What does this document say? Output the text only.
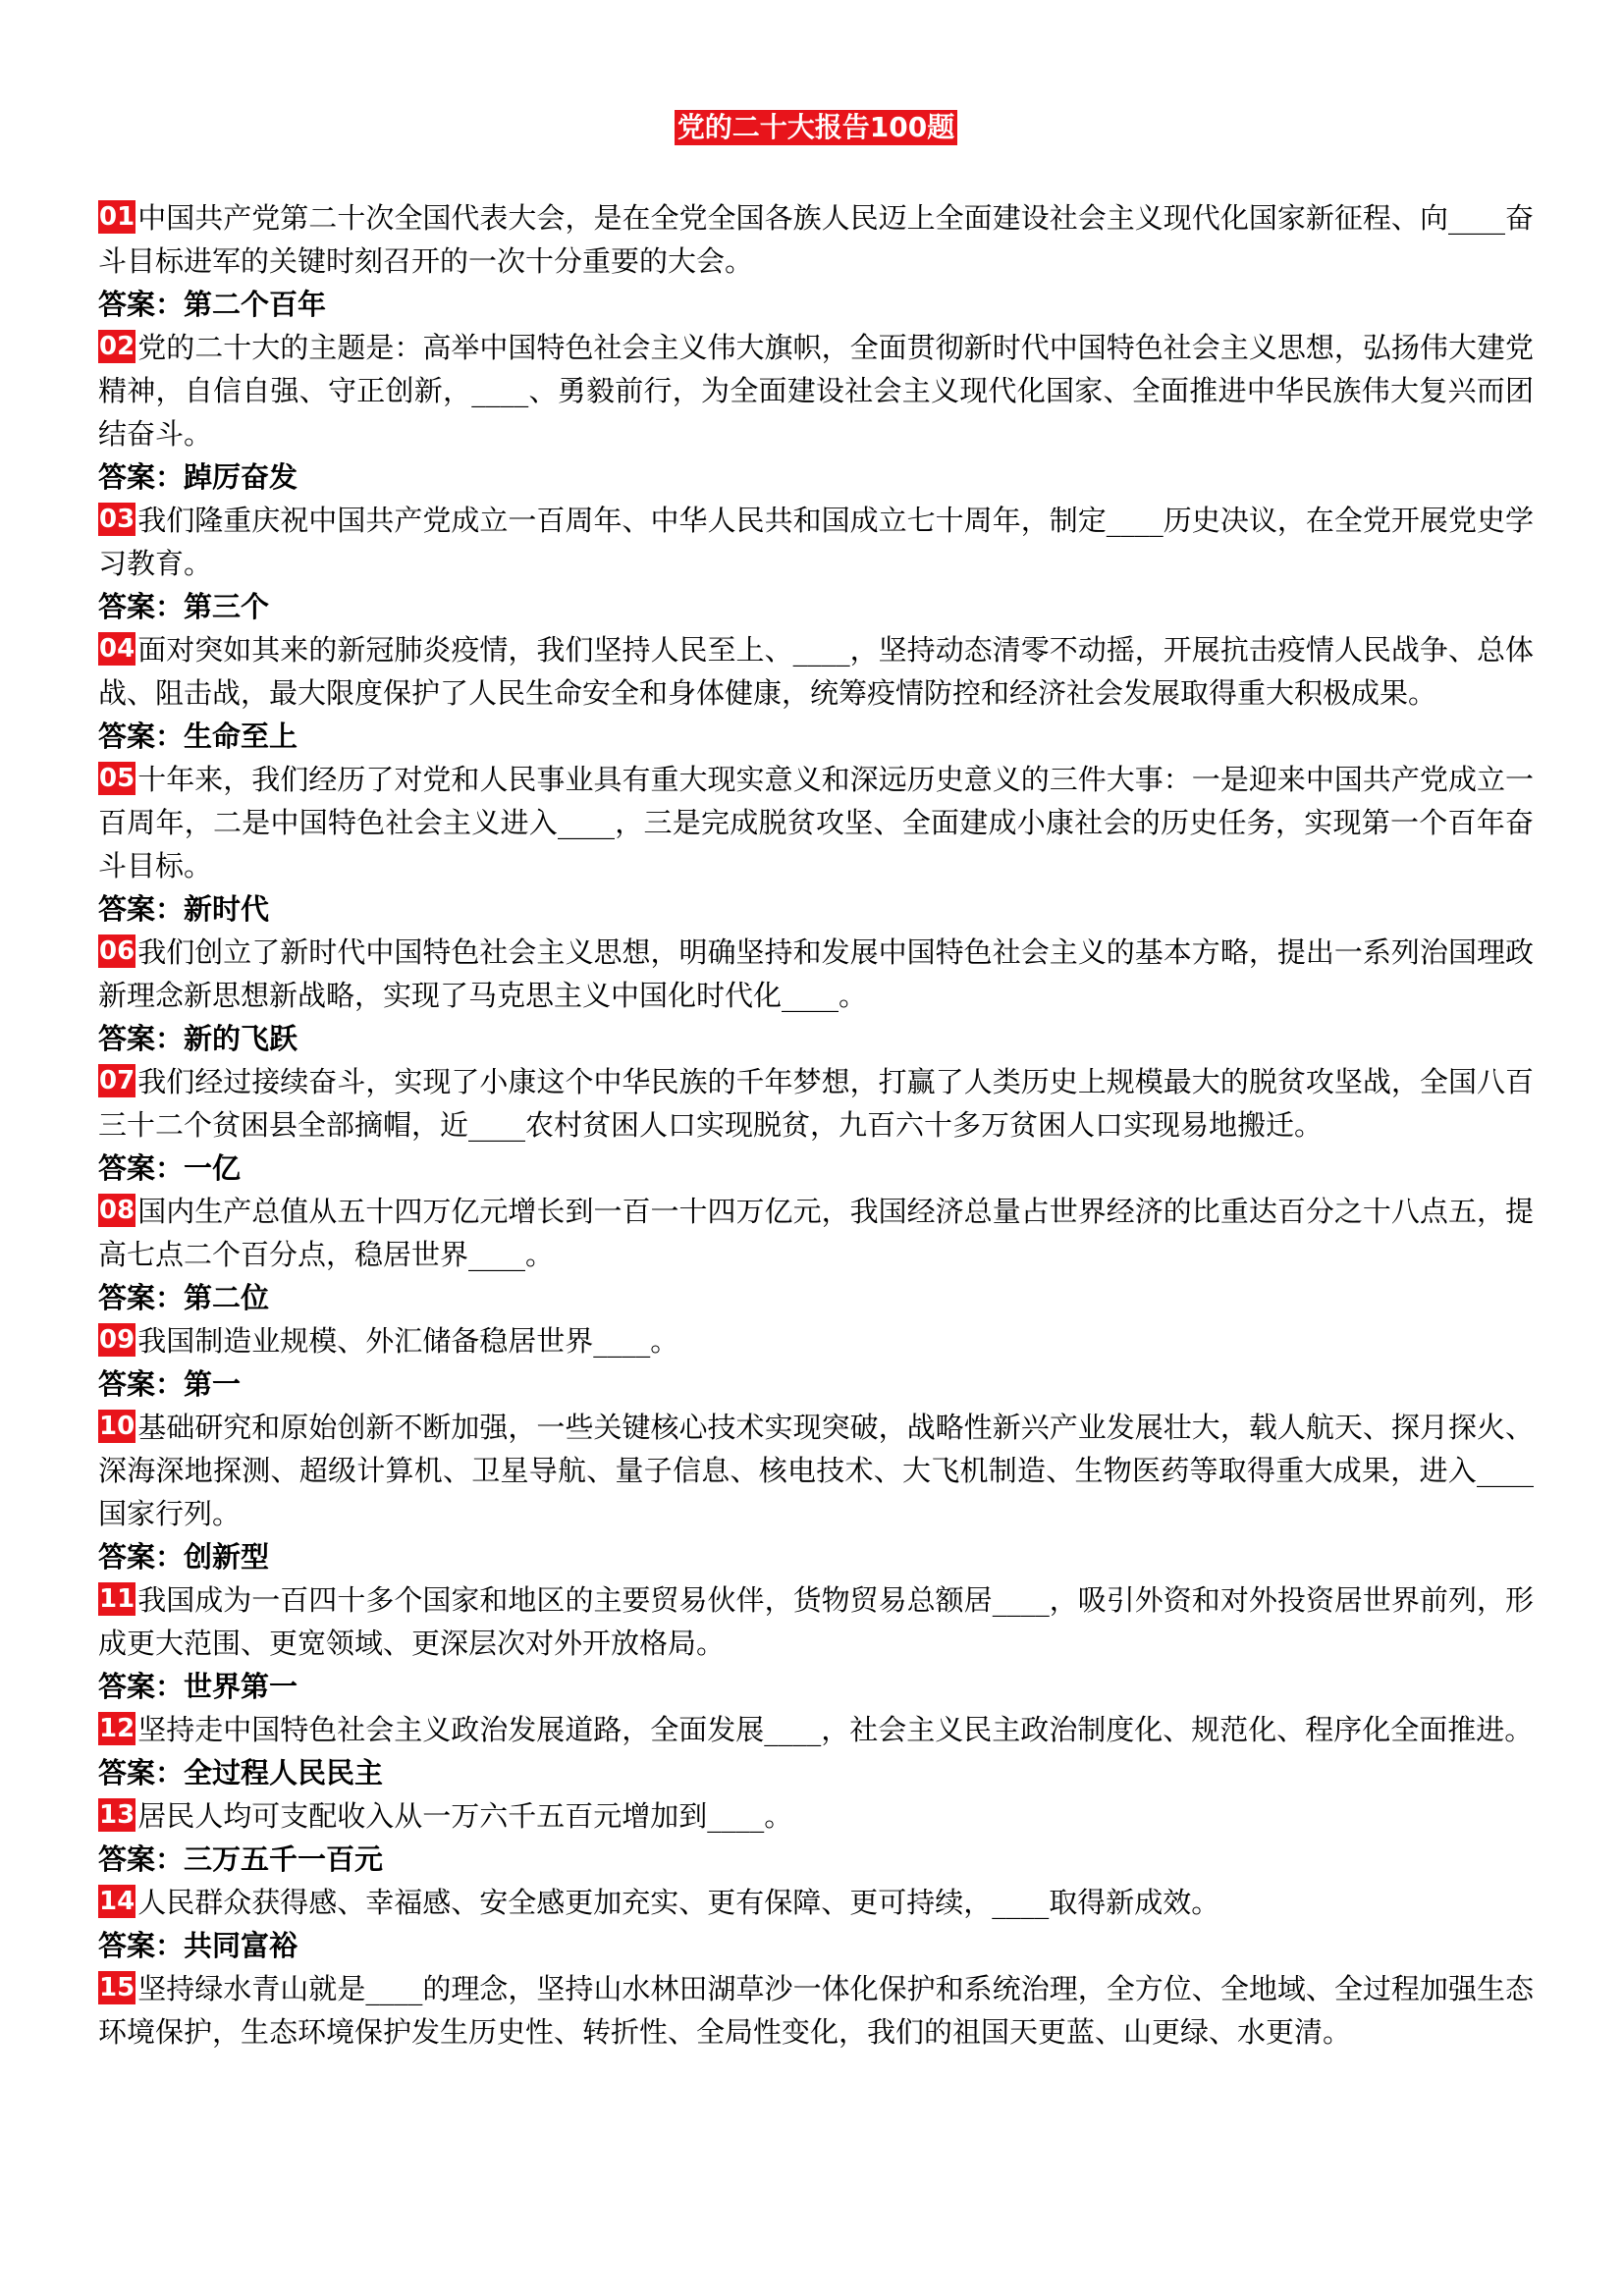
党的二十大报告100题

01 中国共产党第二十次全国代表大会，是在全党全国各族人民迈上全面建设社会主义现代化国家新征程、向____奋斗目标进军的关键时刻召开的一次十分重要的大会。

答案：第二个百年

02 党的二十大的主题是：高举中国特色社会主义伟大旗帜，全面贯彻新时代中国特色社会主义思想，弘扬伟大建党精神，自信自强、守正创新，____、勇毅前行，为全面建设社会主义现代化国家、全面推进中华民族伟大复兴而团结奋斗。

答案：踔厉奋发

03 我们隆重庆祝中国共产党成立一百周年、中华人民共和国成立七十周年，制定____历史决议，在全党开展党史学习教育。

答案：第三个

04 面对突如其来的新冠肺炎疫情，我们坚持人民至上、____，坚持动态清零不动摇，开展抗击疫情人民战争、总体战、阻击战，最大限度保护了人民生命安全和身体健康，统筹疫情防控和经济社会发展取得重大积极成果。

答案：生命至上

05 十年来，我们经历了对党和人民事业具有重大现实意义和深远历史意义的三件大事：一是迎来中国共产党成立一百周年，二是中国特色社会主义进入____，三是完成脱贫攻坚、全面建成小康社会的历史任务，实现第一个百年奋斗目标。

答案：新时代

06 我们创立了新时代中国特色社会主义思想，明确坚持和发展中国特色社会主义的基本方略，提出一系列治国理政新理念新思想新战略，实现了马克思主义中国化时代化____。

答案：新的飞跃

07 我们经过接续奋斗，实现了小康这个中华民族的千年梦想，打赢了人类历史上规模最大的脱贫攻坚战，全国八百三十二个贫困县全部摘帽，近____农村贫困人口实现脱贫，九百六十多万贫困人口实现易地搬迁。

答案：一亿

08 国内生产总值从五十四万亿元增长到一百一十四万亿元，我国经济总量占世界经济的比重达百分之十八点五，提高七点二个百分点，稳居世界____。

答案：第二位

09 我国制造业规模、外汇储备稳居世界____。

答案：第一

10 基础研究和原始创新不断加强，一些关键核心技术实现突破，战略性新兴产业发展壮大，载人航天、探月探火、深海深地探测、超级计算机、卫星导航、量子信息、核电技术、大飞机制造、生物医药等取得重大成果，进入____国家行列。

答案：创新型

11 我国成为一百四十多个国家和地区的主要贸易伙伴，货物贸易总额居____，吸引外资和对外投资居世界前列，形成更大范围、更宽领域、更深层次对外开放格局。

答案：世界第一

12 坚持走中国特色社会主义政治发展道路，全面发展____，社会主义民主政治制度化、规范化、程序化全面推进。

答案：全过程人民民主

13 居民人均可支配收入从一万六千五百元增加到____。

答案：三万五千一百元

14 人民群众获得感、幸福感、安全感更加充实、更有保障、更可持续，____取得新成效。

答案：共同富裕

15 坚持绿水青山就是____的理念，坚持山水林田湖草沙一体化保护和系统治理，全方位、全地域、全过程加强生态环境保护，生态环境保护发生历史性、转折性、全局性变化，我们的祖国天更蓝、山更绿、水更清。
